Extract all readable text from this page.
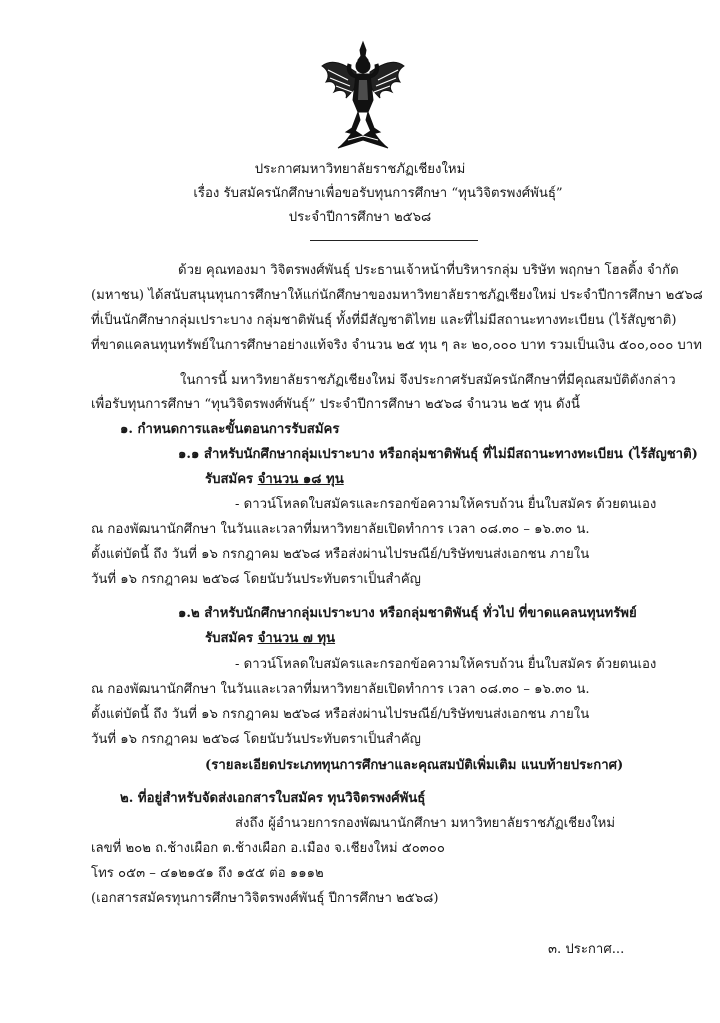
ประกาศมหาวิทยาลัยราชภัฏเชียงใหม่
เรื่อง รับสมัครนักศึกษาเพื่อขอรับทุนการศึกษา “ทุนวิจิตรพงศ์พันธุ์”
ประจำปีการศึกษา ๒๕๖๘
ด้วย คุณทองมา วิจิตรพงศ์พันธุ์ ประธานเจ้าหน้าที่บริหารกลุ่ม บริษัท พฤกษา โฮลดิ้ง จำกัด
(มหาชน) ได้สนับสนุนทุนการศึกษาให้แก่นักศึกษาของมหาวิทยาลัยราชภัฏเชียงใหม่ ประจำปีการศึกษา ๒๕๖๘
ที่เป็นนักศึกษากลุ่มเปราะบาง กลุ่มชาติพันธุ์ ทั้งที่มีสัญชาติไทย และที่ไม่มีสถานะทางทะเบียน (ไร้สัญชาติ)
ที่ขาดแคลนทุนทรัพย์ในการศึกษาอย่างแท้จริง จำนวน ๒๕ ทุน ๆ ละ ๒๐,๐๐๐ บาท รวมเป็นเงิน ๕๐๐,๐๐๐ บาท
ในการนี้ มหาวิทยาลัยราชภัฏเชียงใหม่ จึงประกาศรับสมัครนักศึกษาที่มีคุณสมบัติดังกล่าว
เพื่อรับทุนการศึกษา “ทุนวิจิตรพงศ์พันธุ์” ประจำปีการศึกษา ๒๕๖๘ จำนวน ๒๕ ทุน ดังนี้
๑. กำหนดการและขั้นตอนการรับสมัคร
๑.๑ สำหรับนักศึกษากลุ่มเปราะบาง หรือกลุ่มชาติพันธุ์ ที่ไม่มีสถานะทางทะเบียน (ไร้สัญชาติ)
รับสมัคร จำนวน ๑๘ ทุน
- ดาวน์โหลดใบสมัครและกรอกข้อความให้ครบถ้วน ยื่นใบสมัคร ด้วยตนเอง
ณ กองพัฒนานักศึกษา ในวันและเวลาที่มหาวิทยาลัยเปิดทำการ เวลา ๐๘.๓๐ – ๑๖.๓๐ น.
ตั้งแต่บัดนี้ ถึง วันที่ ๑๖ กรกฎาคม ๒๕๖๘ หรือส่งผ่านไปรษณีย์/บริษัทขนส่งเอกชน ภายใน
วันที่ ๑๖ กรกฎาคม ๒๕๖๘ โดยนับวันประทับตราเป็นสำคัญ
๑.๒ สำหรับนักศึกษากลุ่มเปราะบาง หรือกลุ่มชาติพันธุ์ ทั่วไป ที่ขาดแคลนทุนทรัพย์
รับสมัคร จำนวน ๗ ทุน
- ดาวน์โหลดใบสมัครและกรอกข้อความให้ครบถ้วน ยื่นใบสมัคร ด้วยตนเอง
ณ กองพัฒนานักศึกษา ในวันและเวลาที่มหาวิทยาลัยเปิดทำการ เวลา ๐๘.๓๐ – ๑๖.๓๐ น.
ตั้งแต่บัดนี้ ถึง วันที่ ๑๖ กรกฎาคม ๒๕๖๘ หรือส่งผ่านไปรษณีย์/บริษัทขนส่งเอกชน ภายใน
วันที่ ๑๖ กรกฎาคม ๒๕๖๘ โดยนับวันประทับตราเป็นสำคัญ
(รายละเอียดประเภททุนการศึกษาและคุณสมบัติเพิ่มเติม แนบท้ายประกาศ)
๒. ที่อยู่สำหรับจัดส่งเอกสารใบสมัคร ทุนวิจิตรพงศ์พันธุ์
ส่งถึง ผู้อำนวยการกองพัฒนานักศึกษา มหาวิทยาลัยราชภัฏเชียงใหม่
เลขที่ ๒๐๒ ถ.ช้างเผือก ต.ช้างเผือก อ.เมือง จ.เชียงใหม่ ๕๐๓๐๐
โทร ๐๕๓ – ๔๑๒๑๕๑ ถึง ๑๕๕ ต่อ ๑๑๑๒
(เอกสารสมัครทุนการศึกษาวิจิตรพงศ์พันธุ์ ปีการศึกษา ๒๕๖๘)
๓. ประกาศ...
